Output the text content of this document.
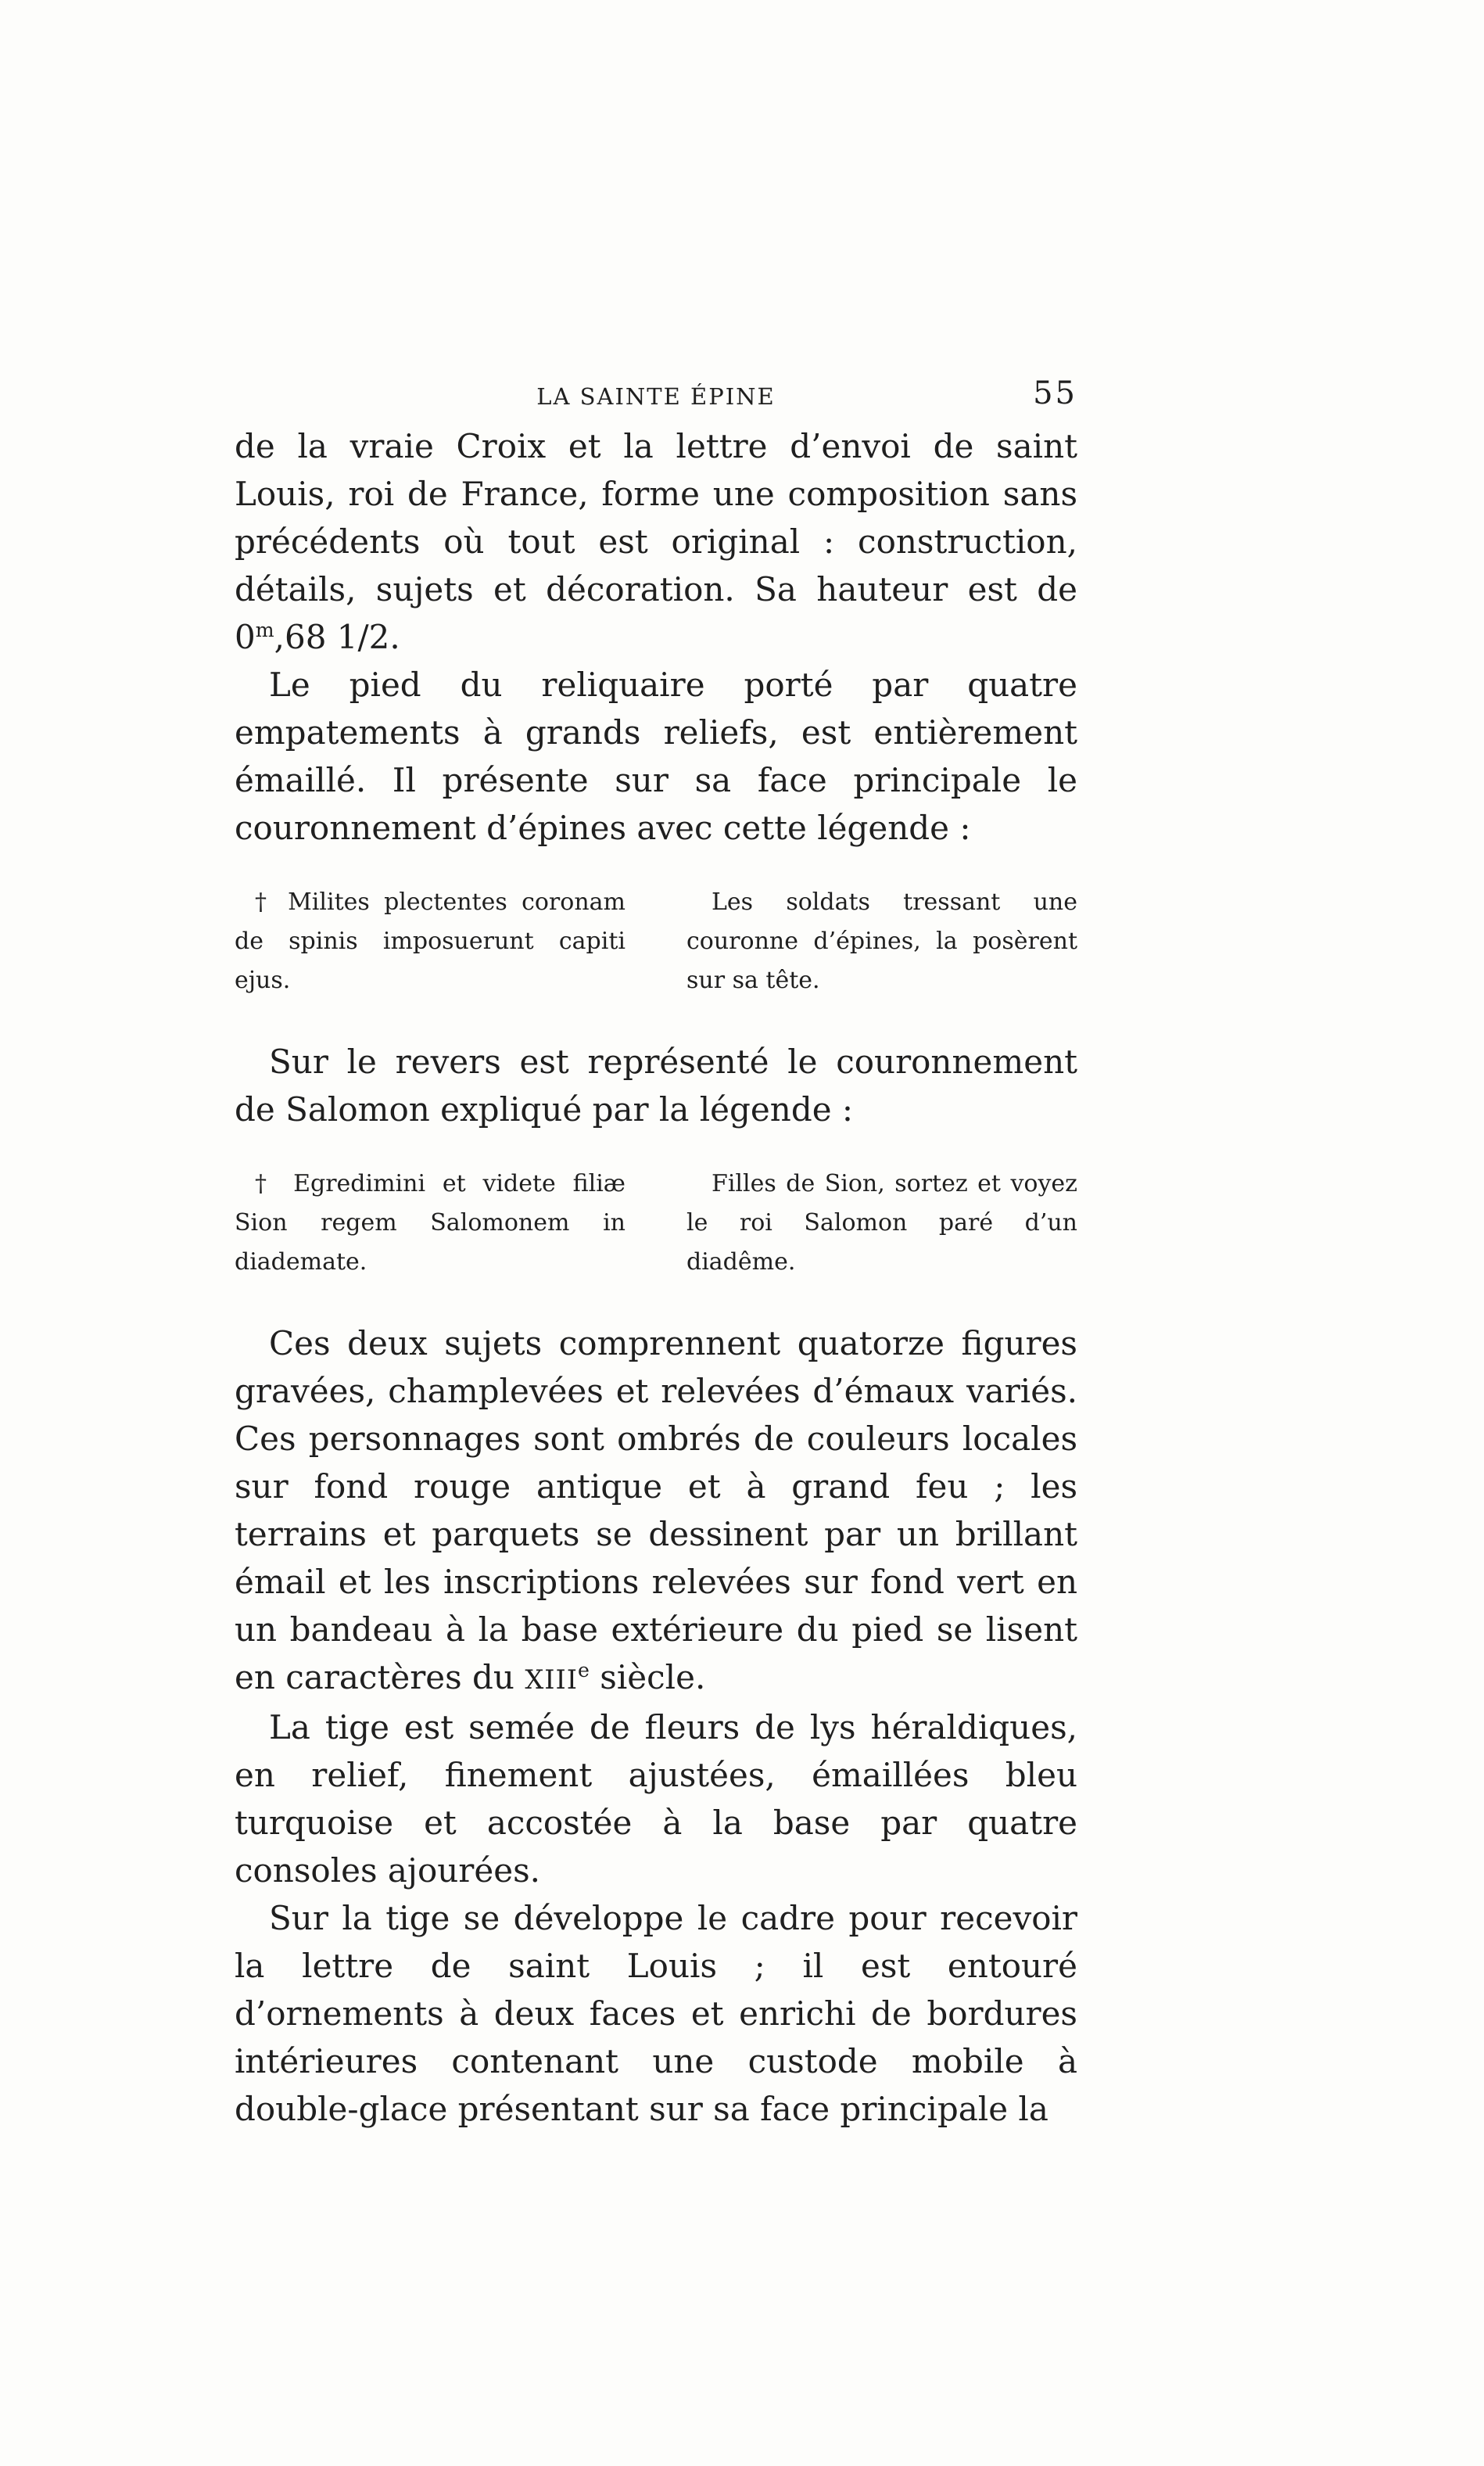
LA SAINTE ÉPINE	55

de la vraie Croix et la lettre d’envoi de saint Louis, roi de France, forme une composition sans précédents où tout est original : construction, détails, sujets et décoration. Sa hauteur est de 0$^m$,68 1/2.

Le pied du reliquaire porté par quatre empatements à grands reliefs, est entièrement émaillé. Il présente sur sa face principale le couronnement d’épines avec cette légende :

† Milites plectentes coronam de spinis imposuerunt capiti ejus.
Les soldats tressant une couronne d’épines, la posèrent sur sa tête.

Sur le revers est représenté le couronnement de Salomon expliqué par la légende :

† Egredimini et videte filiæ Sion regem Salomonem in diademate.
Filles de Sion, sortez et voyez le roi Salomon paré d’un diadême.

Ces deux sujets comprennent quatorze figures gravées, champlevées et relevées d’émaux variés. Ces personnages sont ombrés de couleurs locales sur fond rouge antique et à grand feu ; les terrains et parquets se dessinent par un brillant émail et les inscriptions relevées sur fond vert en un bandeau à la base extérieure du pied se lisent en caractères du XIIIe siècle.

La tige est semée de fleurs de lys héraldiques, en relief, finement ajustées, émaillées bleu turquoise et accostée à la base par quatre consoles ajourées.

Sur la tige se développe le cadre pour recevoir la lettre de saint Louis ; il est entouré d’ornements à deux faces et enrichi de bordures intérieures contenant une custode mobile à double-glace présentant sur sa face principale la
